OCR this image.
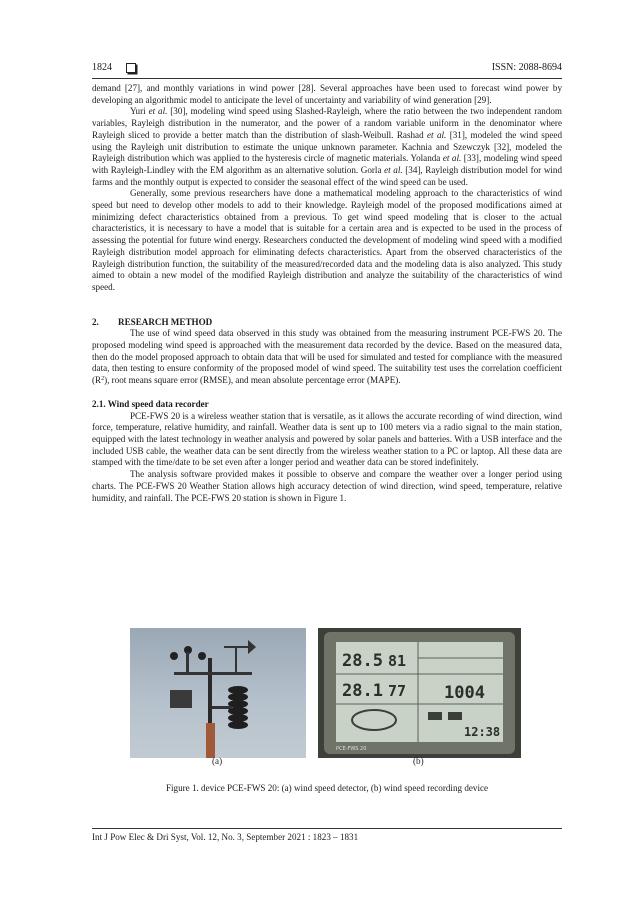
1824	ISSN: 2088-8694

demand [27], and monthly variations in wind power [28]. Several approaches have been used to forecast wind power by developing an algorithmic model to anticipate the level of uncertainty and variability of wind generation [29].

Yuri et al. [30], modeling wind speed using Slashed-Rayleigh, where the ratio between the two independent random variables, Rayleigh distribution in the numerator, and the power of a random variable uniform in the denominator where Rayleigh sliced to provide a better match than the distribution of slash-Weibull. Rashad et al. [31], modeled the wind speed using the Rayleigh unit distribution to estimate the unique unknown parameter. Kachnia and Szewczyk [32], modeled the Rayleigh distribution which was applied to the hysteresis circle of magnetic materials. Yolanda et al. [33], modeling wind speed with Rayleigh-Lindley with the EM algorithm as an alternative solution. Gorla et al. [34], Rayleigh distribution model for wind farms and the monthly output is expected to consider the seasonal effect of the wind speed can be used.

Generally, some previous researchers have done a mathematical modeling approach to the characteristics of wind speed but need to develop other models to add to their knowledge. Rayleigh model of the proposed modifications aimed at minimizing defect characteristics obtained from a previous. To get wind speed modeling that is closer to the actual characteristics, it is necessary to have a model that is suitable for a certain area and is expected to be used in the process of assessing the potential for future wind energy. Researchers conducted the development of modeling wind speed with a modified Rayleigh distribution model approach for eliminating defects characteristics. Apart from the observed characteristics of the Rayleigh distribution function, the suitability of the measured/recorded data and the modeling data is also analyzed. This study aimed to obtain a new model of the modified Rayleigh distribution and analyze the suitability of the characteristics of wind speed.

2. RESEARCH METHOD

The use of wind speed data observed in this study was obtained from the measuring instrument PCE-FWS 20. The proposed modeling wind speed is approached with the measurement data recorded by the device. Based on the measured data, then do the model proposed approach to obtain data that will be used for simulated and tested for compliance with the measured data, then testing to ensure conformity of the proposed model of wind speed. The suitability test uses the correlation coefficient $(R^2)$, root means square error (RMSE), and mean absolute percentage error (MAPE).

2.1. Wind speed data recorder

PCE-FWS 20 is a wireless weather station that is versatile, as it allows the accurate recording of wind direction, wind force, temperature, relative humidity, and rainfall. Weather data is sent up to 100 meters via a radio signal to the main station, equipped with the latest technology in weather analysis and powered by solar panels and batteries. With a USB interface and the included USB cable, the weather data can be sent directly from the wireless weather station to a PC or laptop. All these data are stamped with the time/date to be set even after a longer period and weather data can be stored indefinitely.

The analysis software provided makes it possible to observe and compare the weather over a longer period using charts. The PCE-FWS 20 Weather Station allows high accuracy detection of wind direction, wind speed, temperature, relative humidity, and rainfall. The PCE-FWS 20 station is shown in Figure 1.

28.5 81
28.1 77 1004
12:38
PCE-FWS 20
(a)	(b)
Figure 1. device PCE-FWS 20: (a) wind speed detector, (b) wind speed recording device
Int J Pow Elec & Dri Syst, Vol. 12, No. 3, September 2021 : 1823 – 1831
